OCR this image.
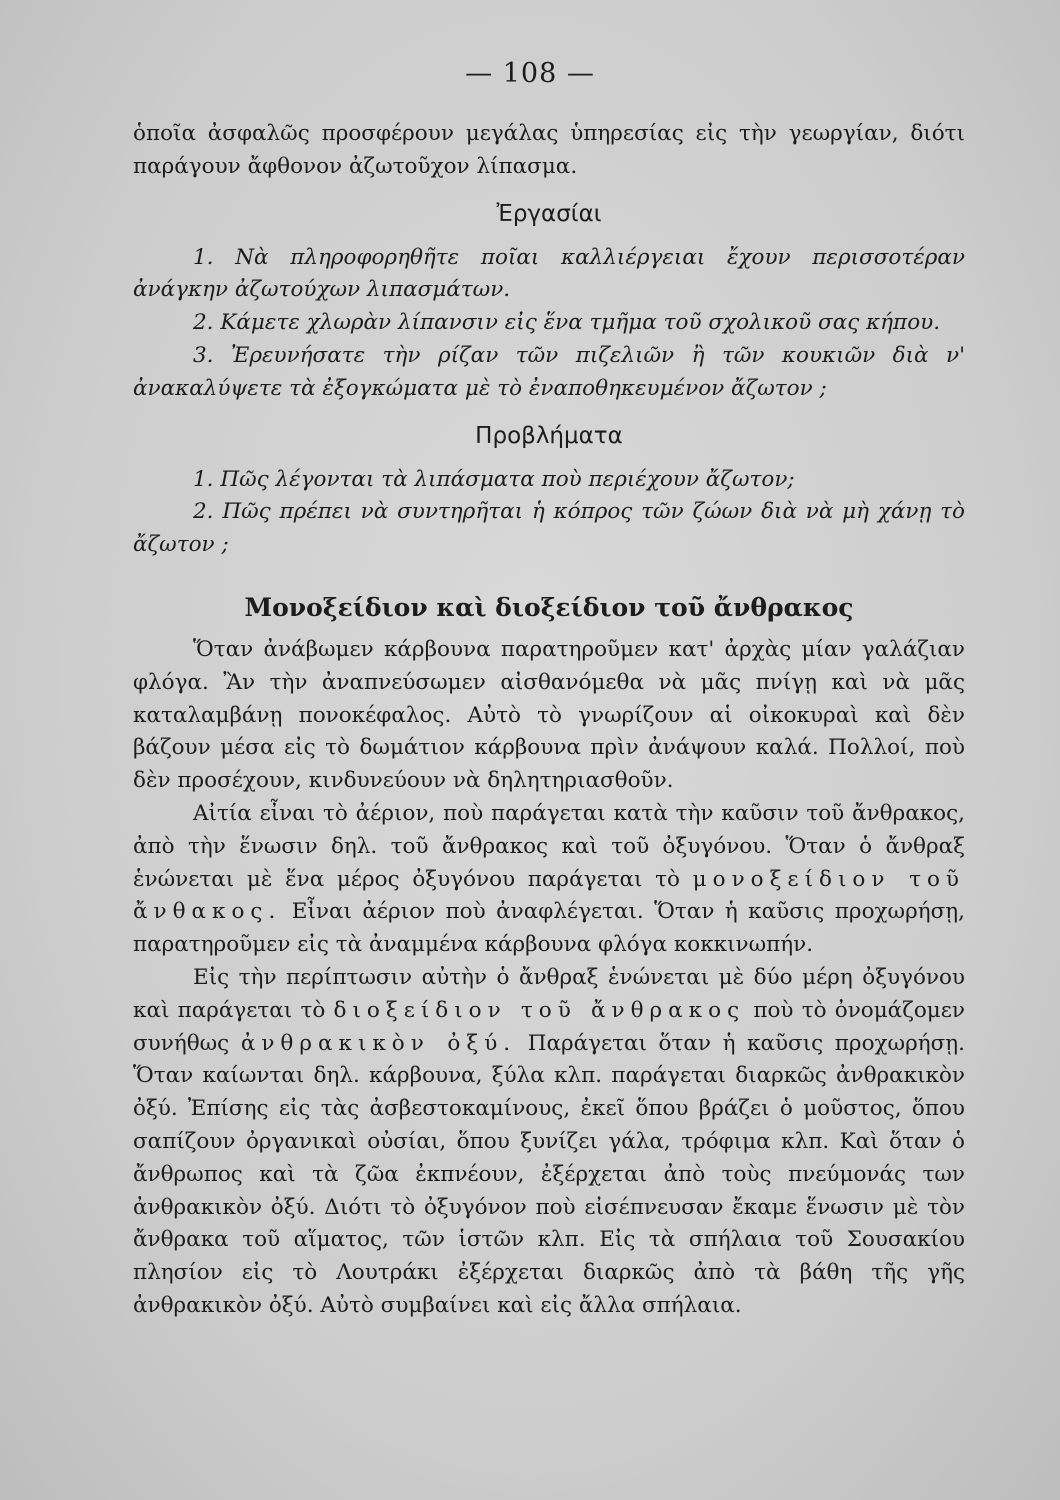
— 108 —

ὁποῖα ἀσφαλῶς προσφέρουν μεγάλας ὑπηρεσίας εἰς τὴν γεωργίαν, διότι παράγουν ἄφθονον ἀζωτοῦχον λίπασμα.

Ἐργασίαι
1. Νὰ πληροφορηθῆτε ποῖαι καλλιέργειαι ἔχουν περισσοτέραν ἀνάγκην ἀζωτούχων λιπασμάτων.
2. Κάμετε χλωρὰν λίπανσιν εἰς ἕνα τμῆμα τοῦ σχολικοῦ σας κήπου.
3. Ἐρευνήσατε τὴν ρίζαν τῶν πιζελιῶν ἢ τῶν κουκιῶν διὰ ν' ἀνακαλύψετε τὰ ἐξογκώματα μὲ τὸ ἐναποθηκευμένον ἄζωτον ;
Προβλήματα
1. Πῶς λέγονται τὰ λιπάσματα ποὺ περιέχουν ἄζωτον;
2. Πῶς πρέπει νὰ συντηρῆται ἡ κόπρος τῶν ζώων διὰ νὰ μὴ χάνῃ τὸ ἄζωτον ;
Μονοξείδιον καὶ διοξείδιον τοῦ ἄνθρακος

Ὅταν ἀνάβωμεν κάρβουνα παρατηροῦμεν κατ' ἀρχὰς μίαν γαλάζιαν φλόγα. Ἂν τὴν ἀναπνεύσωμεν αἰσθανόμεθα νὰ μᾶς πνίγῃ καὶ νὰ μᾶς καταλαμβάνῃ πονοκέφαλος. Αὐτὸ τὸ γνωρίζουν αἱ οἰκοκυραὶ καὶ δὲν βάζουν μέσα εἰς τὸ δωμάτιον κάρβουνα πρὶν ἀνάψουν καλά. Πολλοί, ποὺ δὲν προσέχουν, κινδυνεύουν νὰ δηλητηριασθοῦν.

Αἰτία εἶναι τὸ ἀέριον, ποὺ παράγεται κατὰ τὴν καῦσιν τοῦ ἄνθρακος, ἀπὸ τὴν ἕνωσιν δηλ. τοῦ ἄνθρακος καὶ τοῦ ὀξυγόνου. Ὅταν ὁ ἄνθραξ ἑνώνεται μὲ ἕνα μέρος ὀξυγόνου παράγεται τὸ μονοξείδιον τοῦ ἄνθακος. Εἶναι ἀέριον ποὺ ἀναφλέγεται. Ὅταν ἡ καῦσις προχωρήσῃ, παρατηροῦμεν εἰς τὰ ἀναμμένα κάρβουνα φλόγα κοκκινωπήν.

Εἰς τὴν περίπτωσιν αὐτὴν ὁ ἄνθραξ ἑνώνεται μὲ δύο μέρη ὀξυγόνου καὶ παράγεται τὸ διοξείδιον τοῦ ἄνθρακος ποὺ τὸ ὀνομάζομεν συνήθως ἀνθρακικὸν ὀξύ. Παράγεται ὅταν ἡ καῦσις προχωρήσῃ. Ὅταν καίωνται δηλ. κάρβουνα, ξύλα κλπ. παράγεται διαρκῶς ἀνθρακικὸν ὀξύ. Ἐπίσης εἰς τὰς ἀσβεστοκαμίνους, ἐκεῖ ὅπου βράζει ὁ μοῦστος, ὅπου σαπίζουν ὀργανικαὶ οὐσίαι, ὅπου ξυνίζει γάλα, τρόφιμα κλπ. Καὶ ὅταν ὁ ἄνθρωπος καὶ τὰ ζῶα ἐκπνέουν, ἐξέρχεται ἀπὸ τοὺς πνεύμονάς των ἀνθρακικὸν ὀξύ. Διότι τὸ ὀξυγόνον ποὺ εἰσέπνευσαν ἔκαμε ἕνωσιν μὲ τὸν ἄνθρακα τοῦ αἵματος, τῶν ἱστῶν κλπ. Εἰς τὰ σπήλαια τοῦ Σουσακίου πλησίον εἰς τὸ Λουτράκι ἐξέρχεται διαρκῶς ἀπὸ τὰ βάθη τῆς γῆς ἀνθρακικὸν ὀξύ. Αὐτὸ συμβαίνει καὶ εἰς ἄλλα σπήλαια.
